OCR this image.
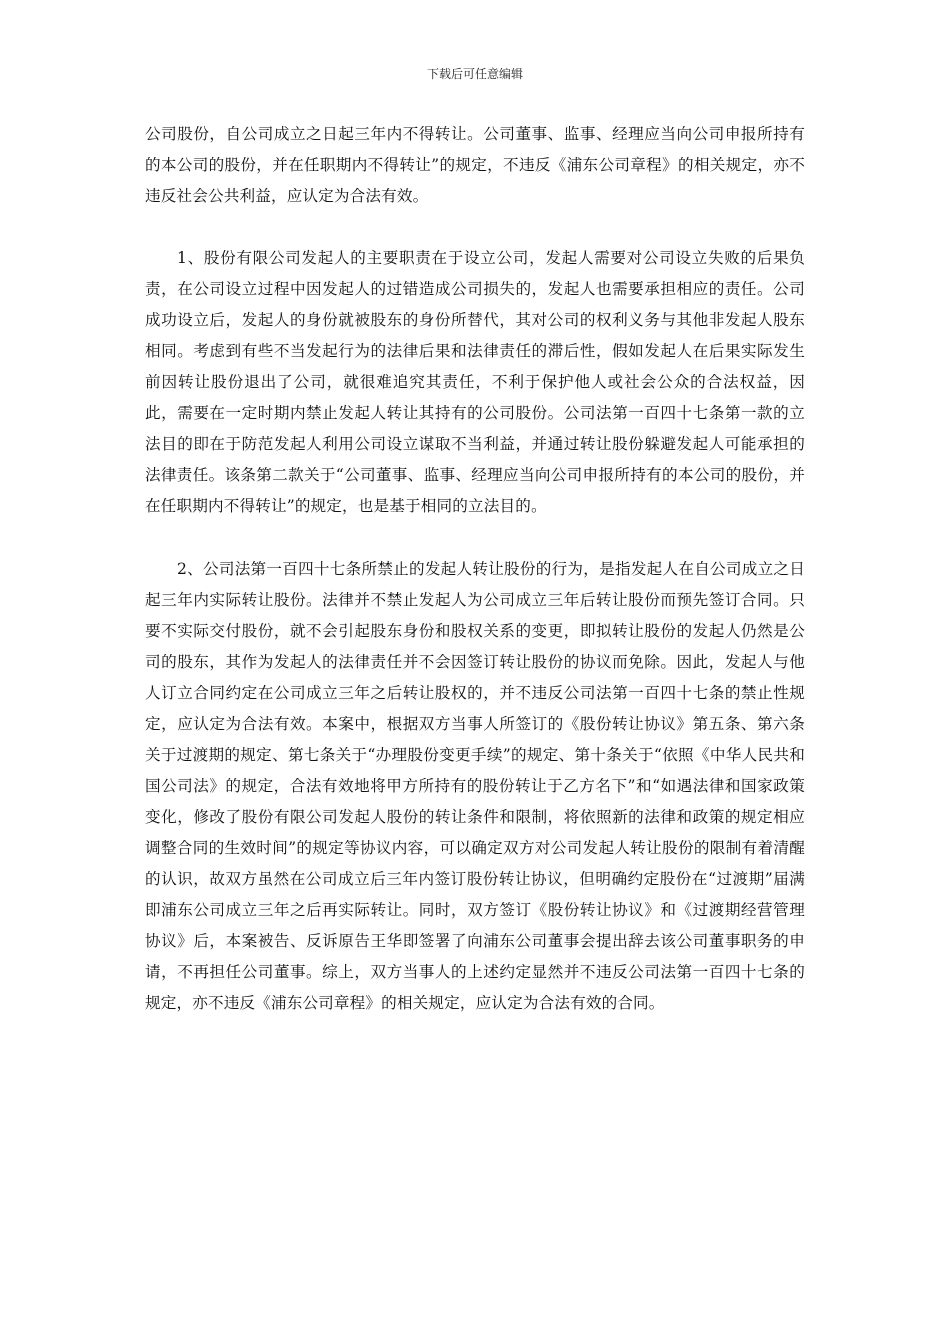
下载后可任意编辑

公司股份，自公司成立之日起三年内不得转让。公司董事、监事、经理应当向公司申报所持有的本公司的股份，并在任职期内不得转让”的规定，不违反《浦东公司章程》的相关规定，亦不违反社会公共利益，应认定为合法有效。

1、股份有限公司发起人的主要职责在于设立公司，发起人需要对公司设立失败的后果负责，在公司设立过程中因发起人的过错造成公司损失的，发起人也需要承担相应的责任。公司成功设立后，发起人的身份就被股东的身份所替代，其对公司的权利义务与其他非发起人股东相同。考虑到有些不当发起行为的法律后果和法律责任的滞后性，假如发起人在后果实际发生前因转让股份退出了公司，就很难追究其责任，不利于保护他人或社会公众的合法权益，因此，需要在一定时期内禁止发起人转让其持有的公司股份。公司法第一百四十七条第一款的立法目的即在于防范发起人利用公司设立谋取不当利益，并通过转让股份躲避发起人可能承担的法律责任。该条第二款关于“公司董事、监事、经理应当向公司申报所持有的本公司的股份，并在任职期内不得转让”的规定，也是基于相同的立法目的。

2、公司法第一百四十七条所禁止的发起人转让股份的行为，是指发起人在自公司成立之日起三年内实际转让股份。法律并不禁止发起人为公司成立三年后转让股份而预先签订合同。只要不实际交付股份，就不会引起股东身份和股权关系的变更，即拟转让股份的发起人仍然是公司的股东，其作为发起人的法律责任并不会因签订转让股份的协议而免除。因此，发起人与他人订立合同约定在公司成立三年之后转让股权的，并不违反公司法第一百四十七条的禁止性规定，应认定为合法有效。本案中，根据双方当事人所签订的《股份转让协议》第五条、第六条关于过渡期的规定、第七条关于“办理股份变更手续”的规定、第十条关于“依照《中华人民共和国公司法》的规定，合法有效地将甲方所持有的股份转让于乙方名下”和“如遇法律和国家政策变化，修改了股份有限公司发起人股份的转让条件和限制，将依照新的法律和政策的规定相应调整合同的生效时间”的规定等协议内容，可以确定双方对公司发起人转让股份的限制有着清醒的认识，故双方虽然在公司成立后三年内签订股份转让协议，但明确约定股份在“过渡期”届满即浦东公司成立三年之后再实际转让。同时，双方签订《股份转让协议》和《过渡期经营管理协议》后，本案被告、反诉原告王华即签署了向浦东公司董事会提出辞去该公司董事职务的申请，不再担任公司董事。综上，双方当事人的上述约定显然并不违反公司法第一百四十七条的规定，亦不违反《浦东公司章程》的相关规定，应认定为合法有效的合同。
